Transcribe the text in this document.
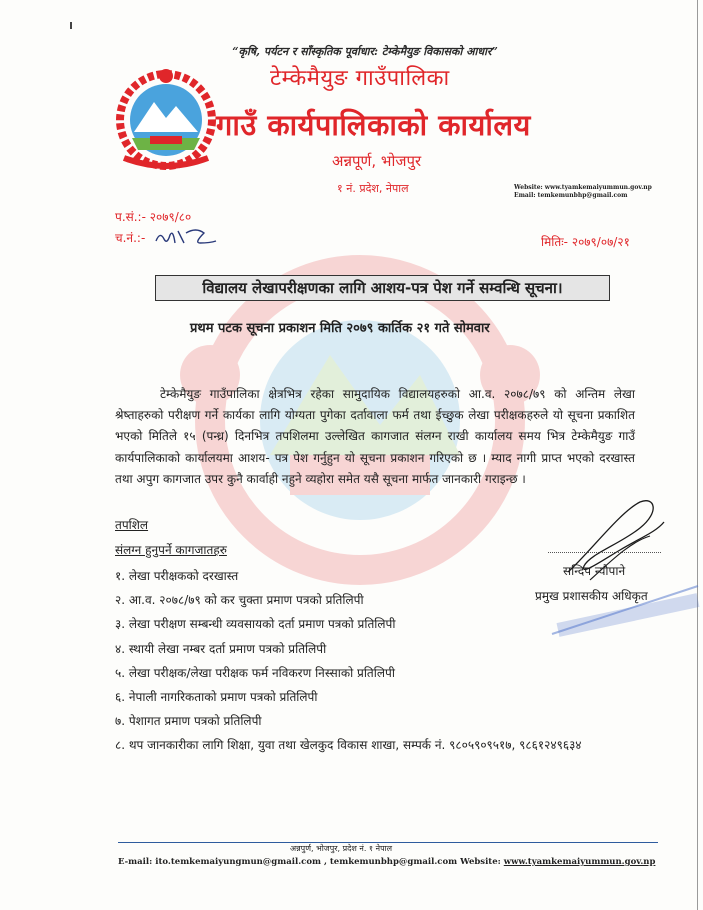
“कृषि, पर्यटन र साँस्कृतिक पूर्वाधार: टेम्केमैयुङ विकासको आधार”
टेम्केमैयुङ गाउँपालिका
गाउँ कार्यपालिकाको कार्यालय
अन्नपूर्ण, भोजपुर
१ नं. प्रदेश, नेपाल	Website: www.tyamkemaiyummun.gov.np
Email: temkemunbhp@gmail.com
प.सं.:- २०७९/८०
च.नं.:-	मितिः- २०७९/०७/२१
विद्यालय लेखापरीक्षणका लागि आशय-पत्र पेश गर्ने सम्वन्धि सूचना।
प्रथम पटक सूचना प्रकाशन मिति २०७९ कार्तिक २१ गते सोमवार

टेम्केमैयुङ गाउँपालिका क्षेत्रभित्र रहेका सामुदायिक विद्यालयहरुको आ.व. २०७८/७९ को अन्तिम लेखा श्रेष्ताहरुको परीक्षण गर्ने कार्यका लागि योग्यता पुगेका दर्तावाला फर्म तथा ईच्छुक लेखा परीक्षकहरुले यो सूचना प्रकाशित भएको मितिले १५ (पन्ध्र) दिनभित्र तपशिलमा उल्लेखित कागजात संलग्न राखी कार्यालय समय भित्र टेम्केमैयुङ गाउँ कार्यपालिकाको कार्यालयमा आशय- पत्र पेश गर्नुहुन यो सूचना प्रकाशन गरिएको छ । म्याद नागी प्राप्त भएको दरखास्त तथा अपुग कागजात उपर कुनै कार्वाही नहुने व्यहोरा समेत यसै सूचना मार्फत जानकारी गराइन्छ ।

तपशिल
संलग्न हुनुपर्ने कागजातहरु
१. लेखा परीक्षकको दरखास्त
२. आ.व. २०७८/७९ को कर चुक्ता प्रमाण पत्रको प्रतिलिपी
३. लेखा परीक्षण सम्बन्धी व्यवसायको दर्ता प्रमाण पत्रको प्रतिलिपी
४. स्थायी लेखा नम्बर दर्ता प्रमाण पत्रको प्रतिलिपी
५. लेखा परीक्षक/लेखा परीक्षक फर्म नविकरण निस्साको प्रतिलिपी
६. नेपाली नागरिकताको प्रमाण पत्रको प्रतिलिपी
७. पेशागत प्रमाण पत्रको प्रतिलिपी
८. थप जानकारीका लागि शिक्षा, युवा तथा खेलकुद विकास शाखा, सम्पर्क नं. ९८०५९०९५१७, ९८६१२४९६३४
सन्दिप न्यौपाने
प्रमुख प्रशासकीय अधिकृत
अन्नपुर्ण, भोजपुर, प्रदेश नं. १ नेपाल
E-mail: ito.temkemaiyungmun@gmail.com , temkemunbhp@gmail.com Website: www.tyamkemaiyummun.gov.np
